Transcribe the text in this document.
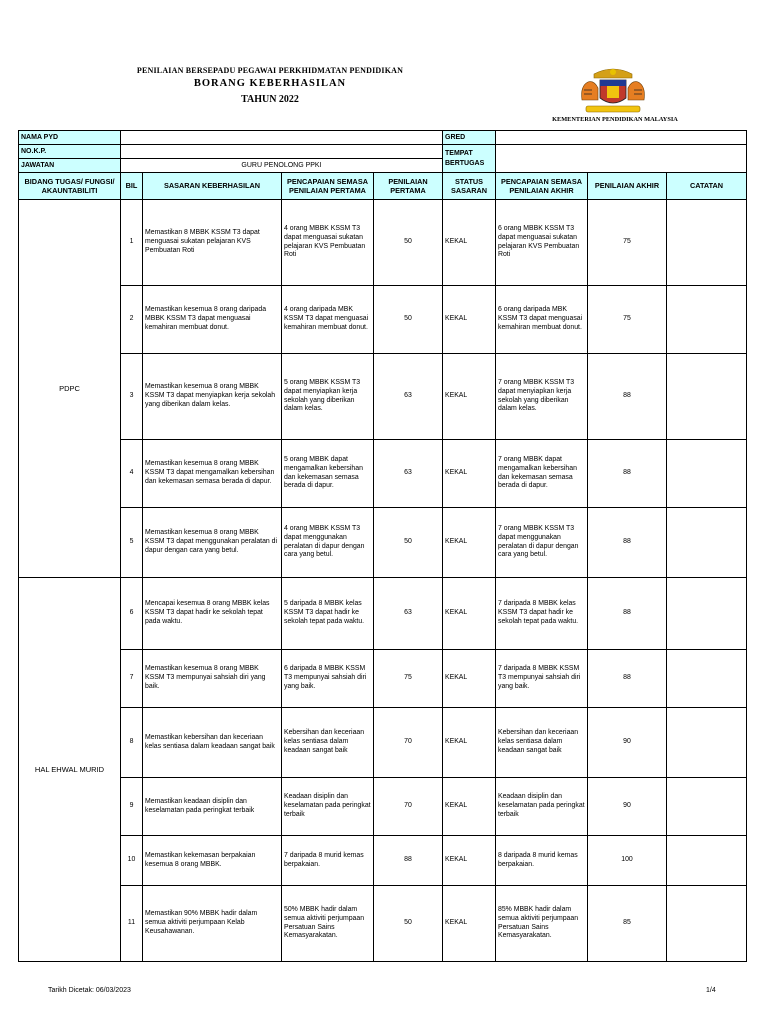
PENILAIAN BERSEPADU PEGAWAI PERKHIDMATAN PENDIDIKAN
BORANG KEBERHASILAN
TAHUN 2022
KEMENTERIAN PENDIDIKAN MALAYSIA
NAMA PYD					GRED			
NO.K.P.					TEMPAT BERTUGAS			
JAWATAN	GURU PENOLONG PPKI							
BIDANG TUGAS/ FUNGSI/ AKAUNTABILITI	BIL	SASARAN KEBERHASILAN	PENCAPAIAN SEMASA PENILAIAN PERTAMA	PENILAIAN PERTAMA	STATUS SASARAN	PENCAPAIAN SEMASA PENILAIAN AKHIR	PENILAIAN AKHIR	CATATAN
PDPC	1	Memastikan 8 MBBK KSSM T3 dapat menguasai sukatan pelajaran KVS Pembuatan Roti	4 orang MBBK KSSM T3 dapat menguasai sukatan pelajaran KVS Pembuatan Roti	50	KEKAL	6 orang MBBK KSSM T3 dapat menguasai sukatan pelajaran KVS Pembuatan Roti	75	
	2	Memastikan kesemua 8 orang daripada MBBK KSSM T3 dapat menguasai kemahiran membuat donut.	4 orang daripada MBK KSSM T3 dapat menguasai kemahiran membuat donut.	50	KEKAL	6 orang daripada MBK KSSM T3 dapat menguasai kemahiran membuat donut.	75	
	3	Memastikan kesemua 8 orang MBBK KSSM T3 dapat menyiapkan kerja sekolah yang diberikan dalam kelas.	5 orang MBBK KSSM T3 dapat menyiapkan kerja sekolah yang diberikan dalam kelas.	63	KEKAL	7 orang MBBK KSSM T3 dapat menyiapkan kerja sekolah yang diberikan dalam kelas.	88	
	4	Memastikan kesemua 8 orang MBBK KSSM T3 dapat mengamalkan kebersihan dan kekemasan semasa berada di dapur.	5 orang MBBK dapat mengamalkan kebersihan dan kekemasan semasa berada di dapur.	63	KEKAL	7 orang MBBK dapat mengamalkan kebersihan dan kekemasan semasa berada di dapur.	88	
	5	Memastikan kesemua 8 orang MBBK KSSM T3 dapat menggunakan peralatan di dapur dengan cara yang betul.	4 orang MBBK KSSM T3 dapat menggunakan peralatan di dapur dengan cara yang betul.	50	KEKAL	7 orang MBBK KSSM T3 dapat menggunakan peralatan di dapur dengan cara yang betul.	88	
HAL EHWAL MURID	6	Mencapai kesemua 8 orang MBBK kelas KSSM T3 dapat hadir ke sekolah tepat pada waktu.	5 daripada 8 MBBK kelas KSSM T3 dapat hadir ke sekolah tepat pada waktu.	63	KEKAL	7 daripada 8 MBBK kelas KSSM T3 dapat hadir ke sekolah tepat pada waktu.	88	
	7	Memastikan kesemua 8 orang MBBK KSSM T3 mempunyai sahsiah diri yang baik.	6 daripada 8 MBBK KSSM T3 mempunyai sahsiah diri yang baik.	75	KEKAL	7 daripada 8 MBBK KSSM T3 mempunyai sahsiah diri yang baik.	88	
	8	Memastikan kebersihan dan keceriaan kelas sentiasa dalam keadaan sangat baik	Kebersihan dan keceriaan kelas sentiasa dalam keadaan sangat baik	70	KEKAL	Kebersihan dan keceriaan kelas sentiasa dalam keadaan sangat baik	90	
	9	Memastikan keadaan disiplin dan keselamatan pada peringkat terbaik	Keadaan disiplin dan keselamatan pada peringkat terbaik	70	KEKAL	Keadaan disiplin dan keselamatan pada peringkat terbaik	90	
	10	Memastikan kekemasan berpakaian kesemua 8 orang MBBK.	7 daripada 8 murid kemas berpakaian.	88	KEKAL	8 daripada 8 murid kemas berpakaian.	100	
	11	Memastikan 90% MBBK hadir dalam semua aktiviti perjumpaan Kelab Keusahawanan.	50% MBBK hadir dalam semua aktiviti perjumpaan Persatuan Sains Kemasyarakatan.	50	KEKAL	85% MBBK hadir dalam semua aktiviti perjumpaan Persatuan Sains Kemasyarakatan.	85	
Tarikh Dicetak: 06/03/2023	1/4
